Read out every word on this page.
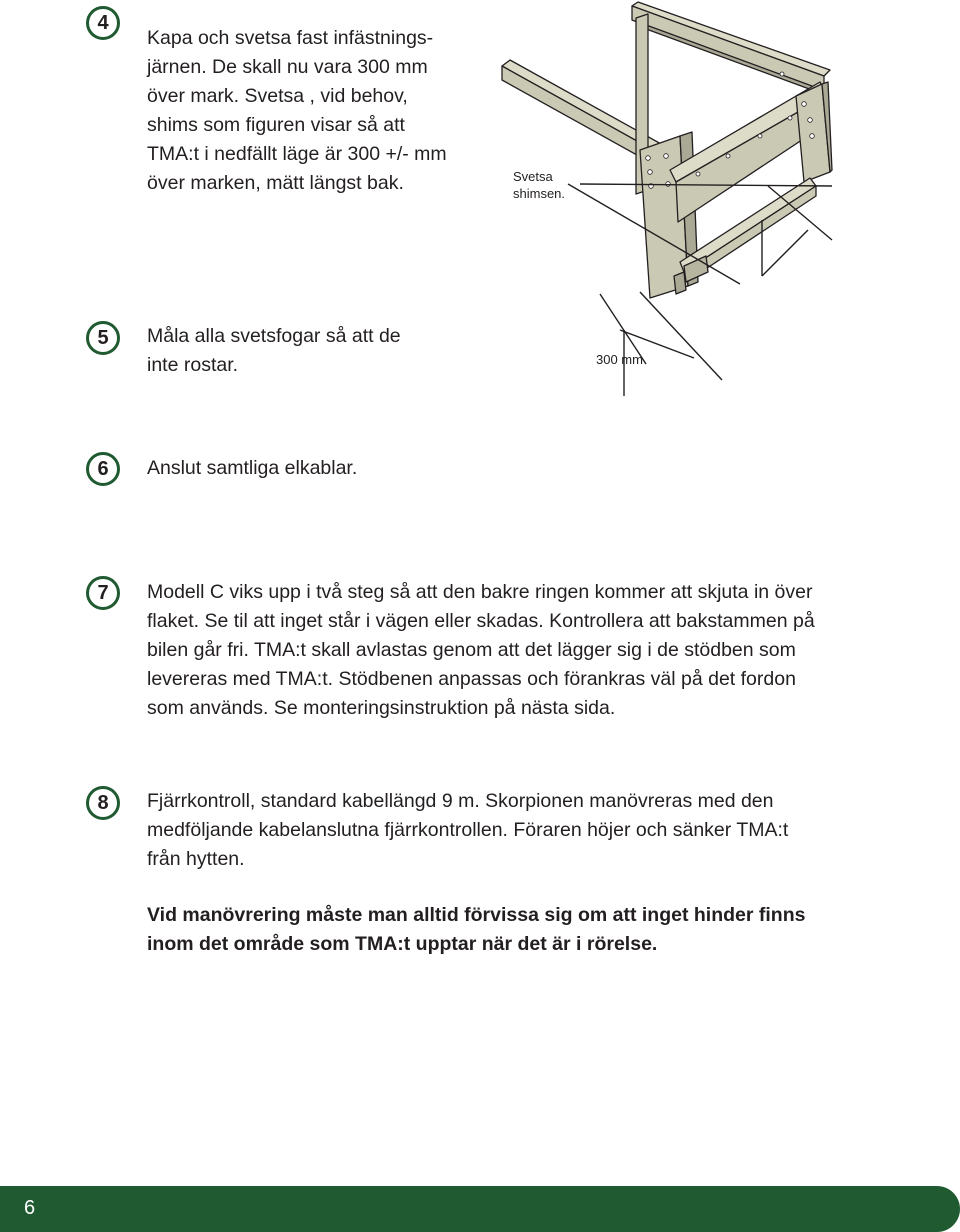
4

Kapa och svetsa fast infästnings-

järnen. De skall nu vara 300 mm

över mark. Svetsa , vid behov,

shims som figuren visar så att

TMA:t i nedfällt läge är 300 +/- mm

över marken, mätt längst bak.

5	Måla alla svetsfogar så att de

inte rostar.

6	Anslut samtliga elkablar.

7	Modell C viks upp i två steg så att den bakre ringen kommer att skjuta in över

flaket. Se til att inget står i vägen eller skadas. Kontrollera att bakstammen på

bilen går fri. TMA:t skall avlastas genom att det lägger sig i de stödben som

levereras med TMA:t. Stödbenen anpassas och förankras väl på det fordon

som används. Se monteringsinstruktion på nästa sida.

8	Fjärrkontroll, standard kabellängd 9 m. Skorpionen manövreras med den

medföljande kabelanslutna fjärrkontrollen. Föraren höjer och sänker TMA:t

från hytten.

Vid manövrering måste man alltid förvissa sig om att inget hinder finns

inom det område som TMA:t upptar när det är i rörelse.

Svetsa
shimsen.
300 mm
6
